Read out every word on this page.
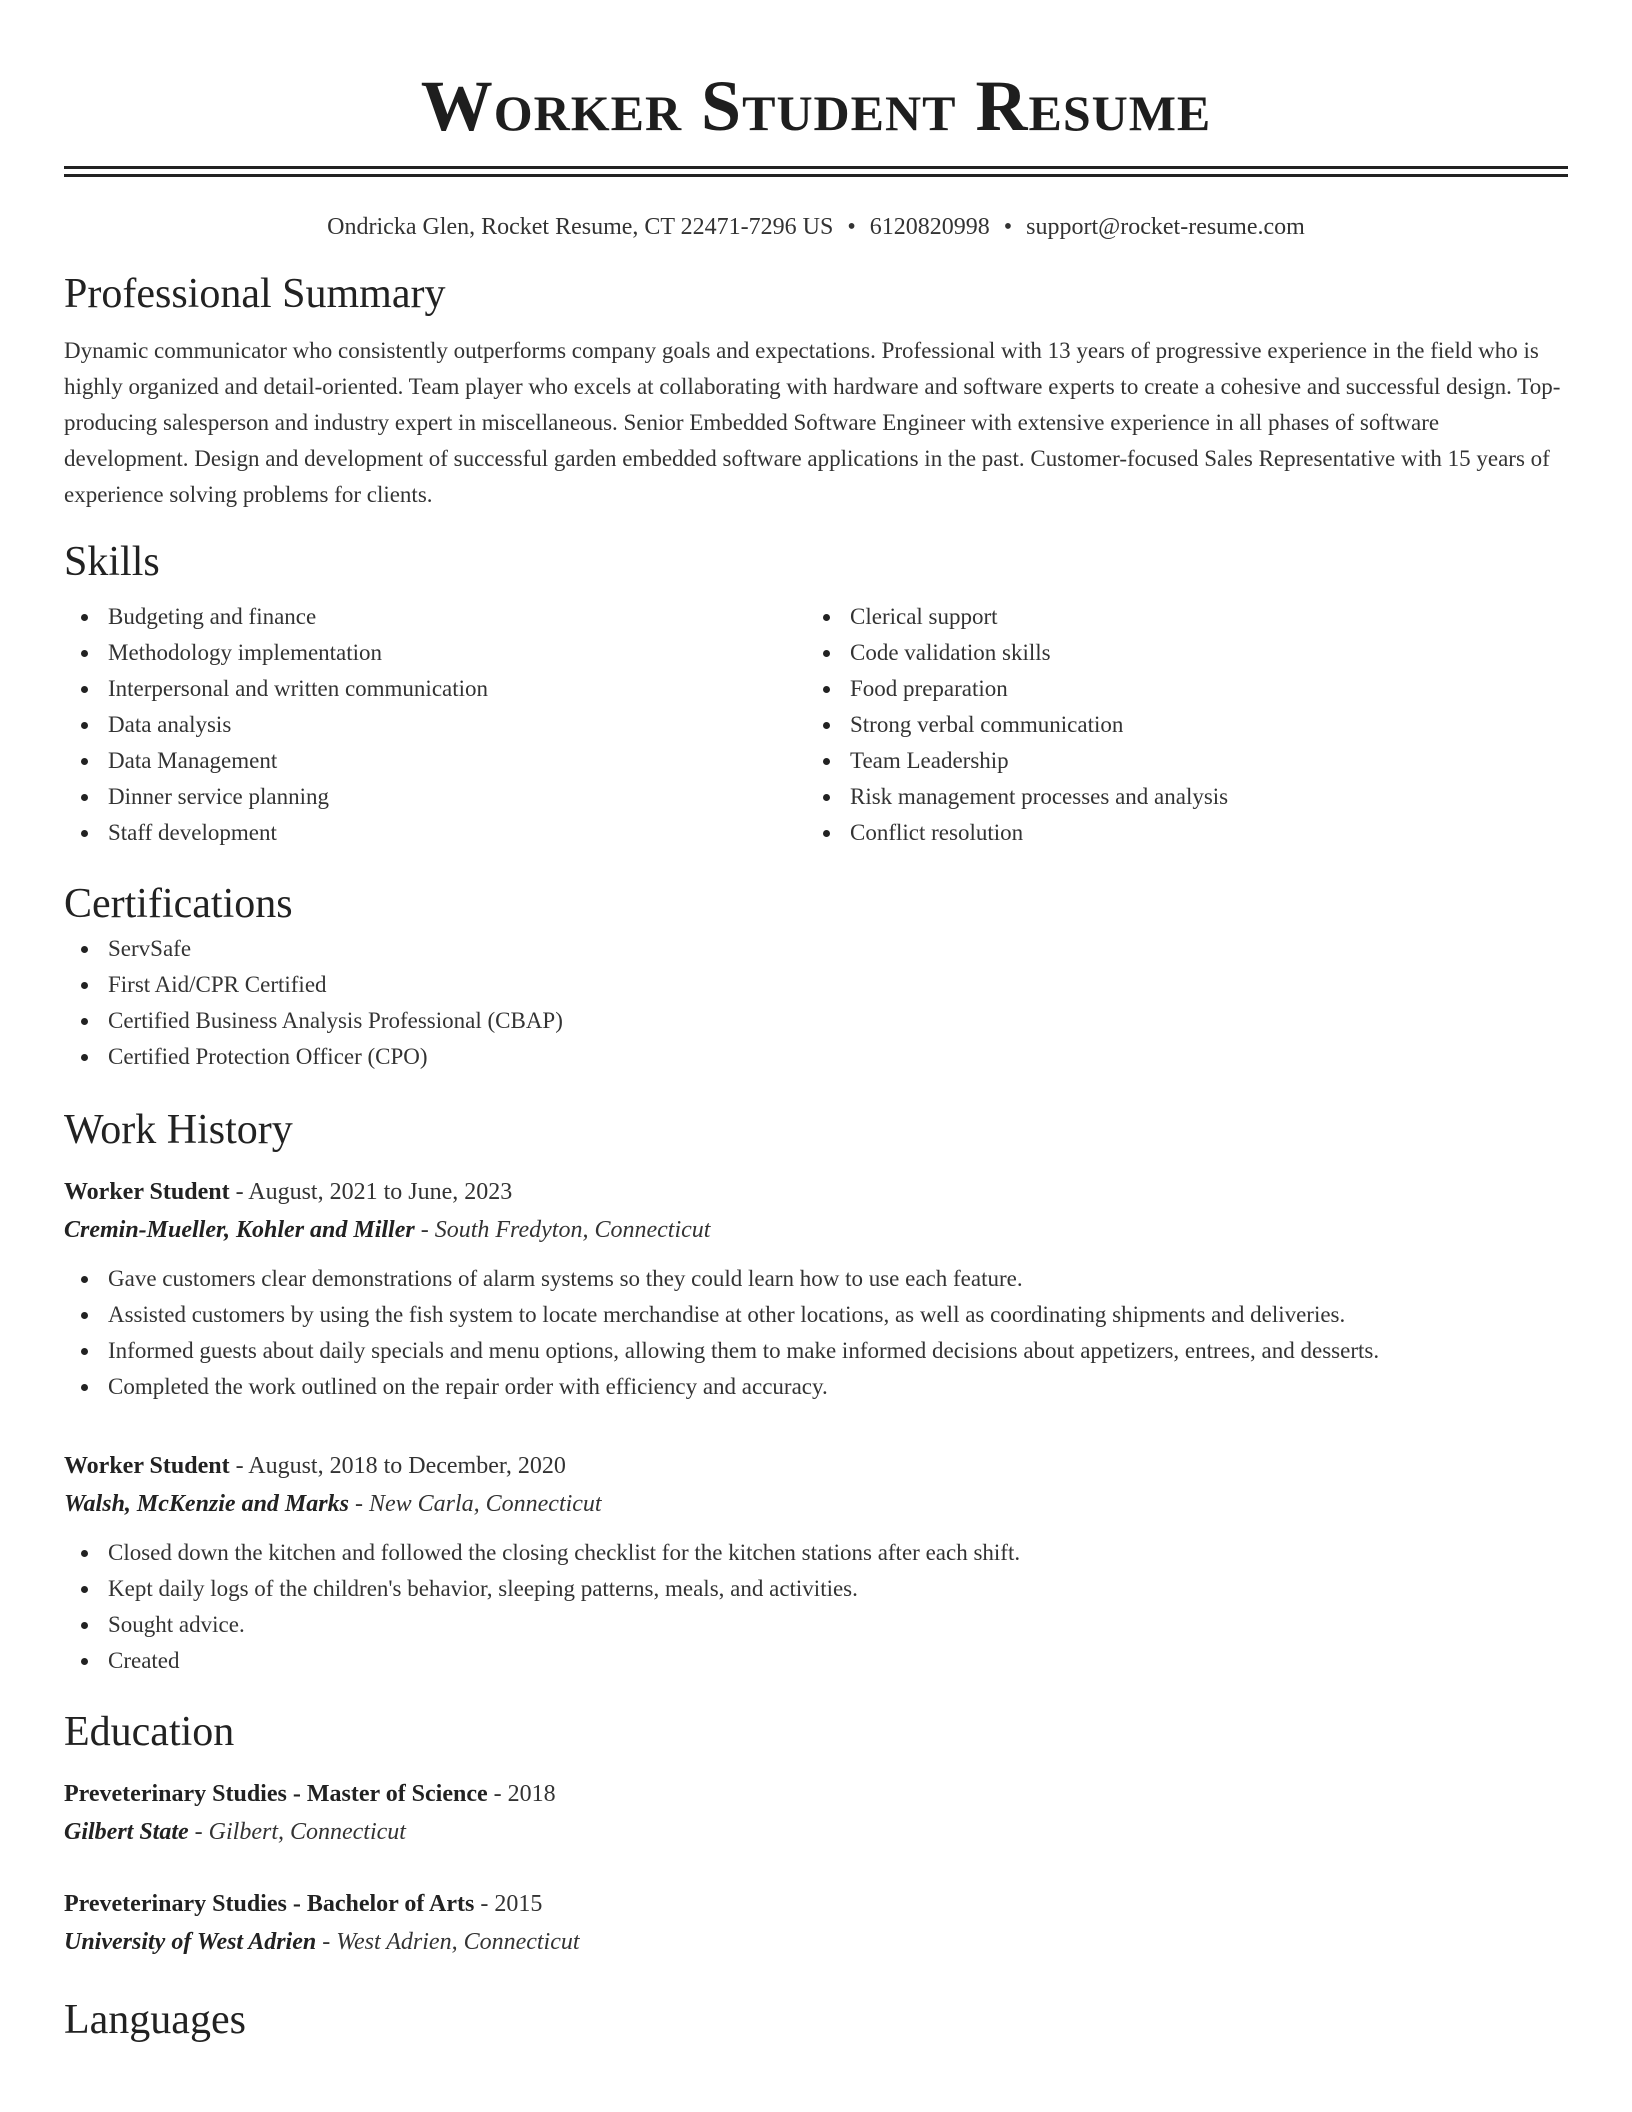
Worker Student Resume
Ondricka Glen, Rocket Resume, CT 22471-7296 US • 6120820998 • support@rocket-resume.com
Professional Summary
Dynamic communicator who consistently outperforms company goals and expectations. Professional with 13 years of progressive experience in the field who is highly organized and detail-oriented. Team player who excels at collaborating with hardware and software experts to create a cohesive and successful design. Top-producing salesperson and industry expert in miscellaneous. Senior Embedded Software Engineer with extensive experience in all phases of software development. Design and development of successful garden embedded software applications in the past. Customer-focused Sales Representative with 15 years of experience solving problems for clients.
Skills
Budgeting and finance
Methodology implementation
Interpersonal and written communication
Data analysis
Data Management
Dinner service planning
Staff development
Clerical support
Code validation skills
Food preparation
Strong verbal communication
Team Leadership
Risk management processes and analysis
Conflict resolution
Certifications
ServSafe
First Aid/CPR Certified
Certified Business Analysis Professional (CBAP)
Certified Protection Officer (CPO)
Work History
Worker Student - August, 2021 to June, 2023
Cremin-Mueller, Kohler and Miller - South Fredyton, Connecticut
Gave customers clear demonstrations of alarm systems so they could learn how to use each feature.
Assisted customers by using the fish system to locate merchandise at other locations, as well as coordinating shipments and deliveries.
Informed guests about daily specials and menu options, allowing them to make informed decisions about appetizers, entrees, and desserts.
Completed the work outlined on the repair order with efficiency and accuracy.
Worker Student - August, 2018 to December, 2020
Walsh, McKenzie and Marks - New Carla, Connecticut
Closed down the kitchen and followed the closing checklist for the kitchen stations after each shift.
Kept daily logs of the children's behavior, sleeping patterns, meals, and activities.
Sought advice.
Created
Education
Preveterinary Studies - Master of Science - 2018
Gilbert State - Gilbert, Connecticut
Preveterinary Studies - Bachelor of Arts - 2015
University of West Adrien - West Adrien, Connecticut
Languages
